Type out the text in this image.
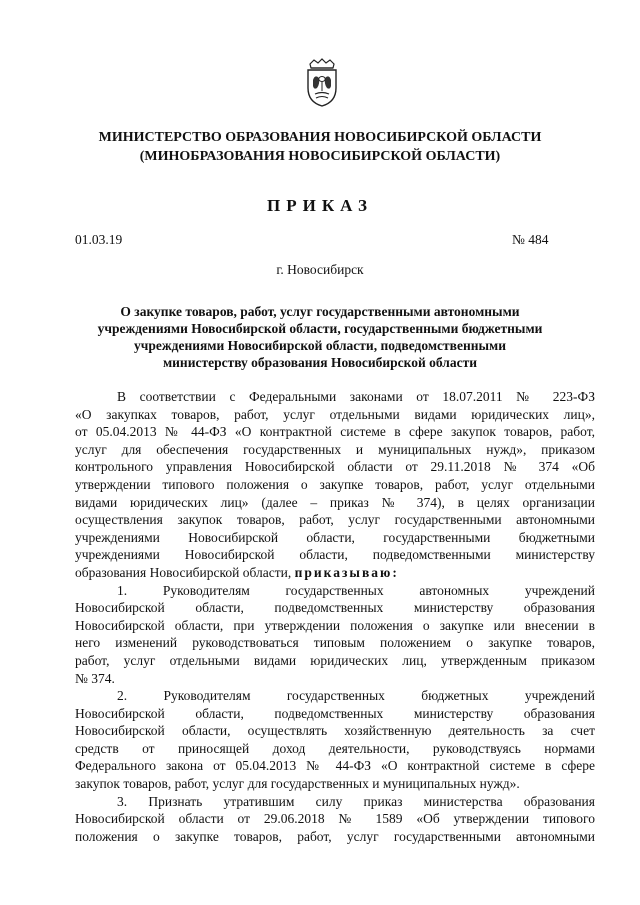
МИНИСТЕРСТВО ОБРАЗОВАНИЯ НОВОСИБИРСКОЙ ОБЛАСТИ
(МИНОБРАЗОВАНИЯ НОВОСИБИРСКОЙ ОБЛАСТИ)
ПРИКАЗ
01.03.19	№ 484
г. Новосибирск
О закупке товаров, работ, услуг государственными автономными
учреждениями Новосибирской области, государственными бюджетными
учреждениями Новосибирской области, подведомственными
министерству образования Новосибирской области
В соответствии с Федеральными законами от 18.07.2011 № 223-ФЗ
«О закупках товаров, работ, услуг отдельными видами юридических лиц»,
от 05.04.2013 № 44-ФЗ «О контрактной системе в сфере закупок товаров, работ,
услуг для обеспечения государственных и муниципальных нужд», приказом
контрольного управления Новосибирской области от 29.11.2018 № 374 «Об
утверждении типового положения о закупке товаров, работ, услуг отдельными
видами юридических лиц» (далее – приказ № 374), в целях организации
осуществления закупок товаров, работ, услуг государственными автономными
учреждениями Новосибирской области, государственными бюджетными
учреждениями Новосибирской области, подведомственными министерству
образования Новосибирской области, приказываю:
1. Руководителям государственных автономных учреждений
Новосибирской области, подведомственных министерству образования
Новосибирской области, при утверждении положения о закупке или внесении в
него изменений руководствоваться типовым положением о закупке товаров,
работ, услуг отдельными видами юридических лиц, утвержденным приказом
№ 374.
2. Руководителям государственных бюджетных учреждений
Новосибирской области, подведомственных министерству образования
Новосибирской области, осуществлять хозяйственную деятельность за счет
средств от приносящей доход деятельности, руководствуясь нормами
Федерального закона от 05.04.2013 № 44-ФЗ «О контрактной системе в сфере
закупок товаров, работ, услуг для государственных и муниципальных нужд».
3. Признать утратившим силу приказ министерства образования
Новосибирской области от 29.06.2018 № 1589 «Об утверждении типового
положения о закупке товаров, работ, услуг государственными автономными
